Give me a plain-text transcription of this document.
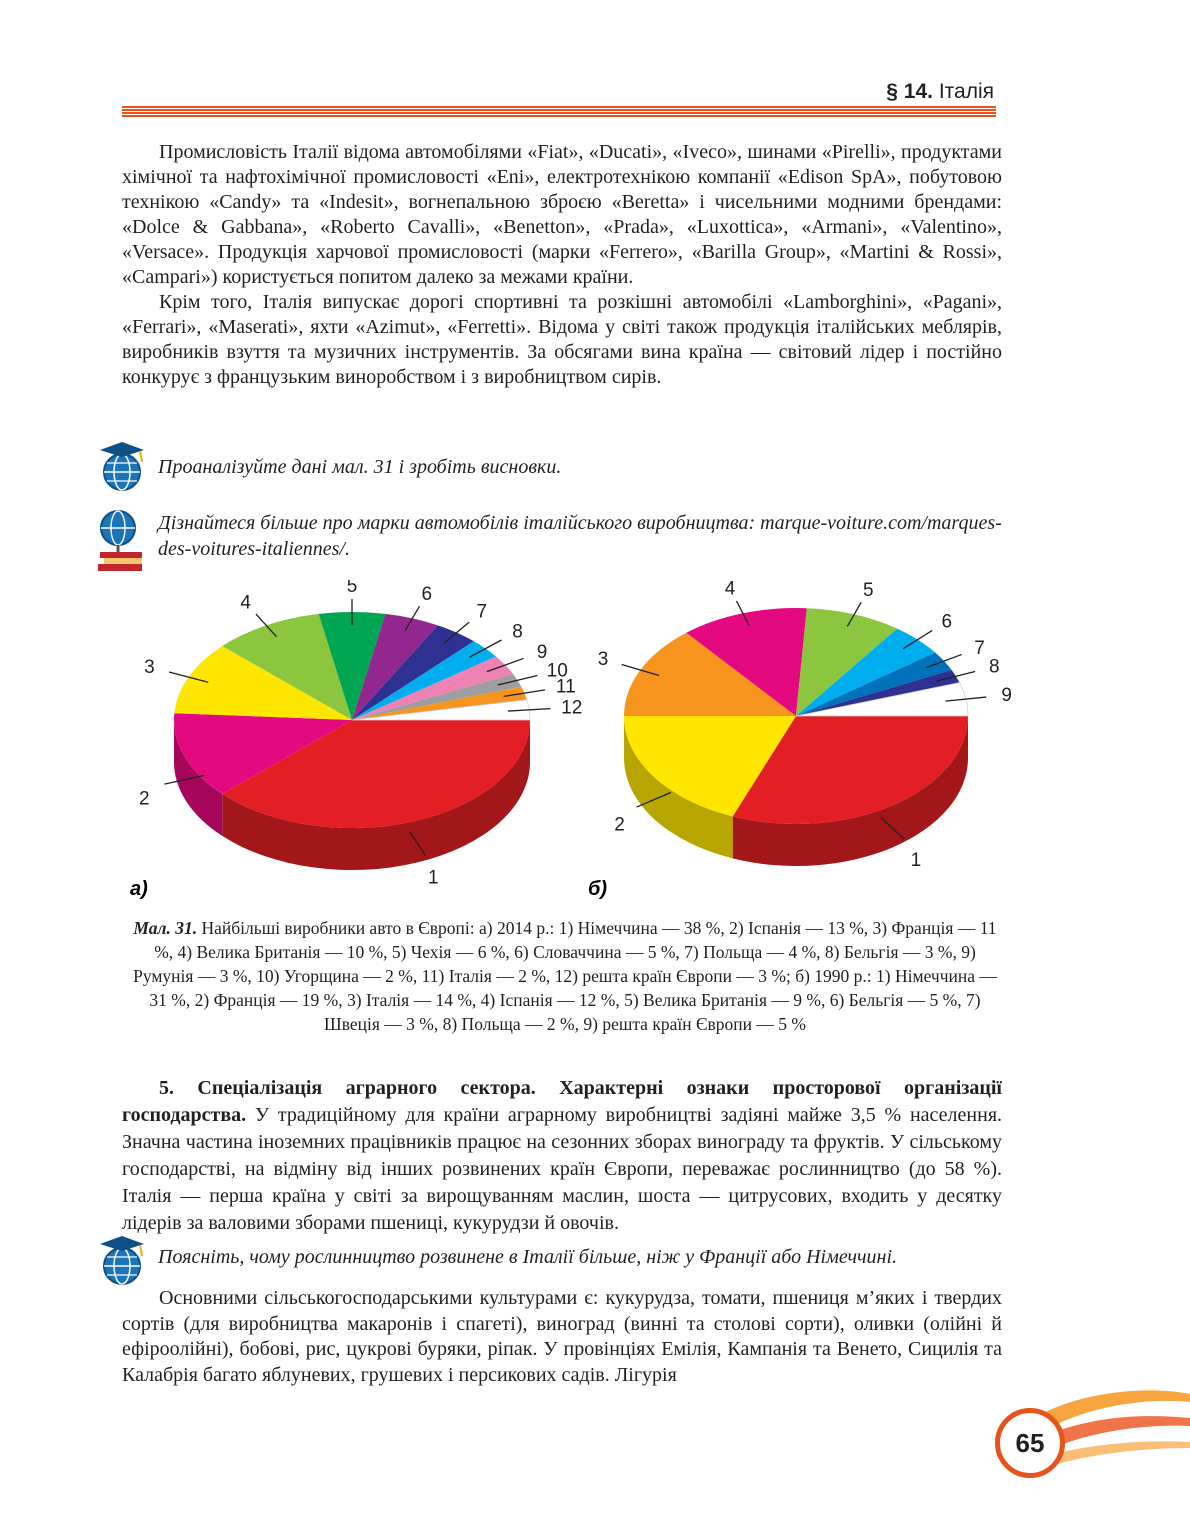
§ 14. Італія

Промисловість Італії відома автомобілями «Fiat», «Ducati», «Iveco», шинами «Pirelli», продуктами хімічної та нафтохімічної промисловості «Eni», електротехнікою компанії «Edison SpA», побутовою технікою «Candy» та «Indesit», вогнепальною зброєю «Beretta» і чисельними модними брендами: «Dolce & Gabbana», «Roberto Cavalli», «Benetton», «Prada», «Luxottica», «Armani», «Valentino», «Versace». Продукція харчової промисловості (марки «Ferrero», «Barilla Group», «Martini & Rossi», «Campari») користується попитом далеко за межами країни.

Крім того, Італія випускає дорогі спортивні та розкішні автомобілі «Lamborghini», «Pagani», «Ferrari», «Maserati», яхти «Azimut», «Ferretti». Відома у світі також продукція італійських меблярів, виробників взуття та музичних інструментів. За обсягами вина країна — світовий лідер і постійно конкурує з французьким виноробством і з виробництвом сирів.

Проаналізуйте дані мал. 31 і зробіть висновки.
Дізнайтеся більше про марки автомобілів італійського виробництва: marque-voiture.com/marques-des-voitures-italiennes/.
1
2
3
4
5	6
7
8
9
10
11
12
1
2
3
4	5
6
7
8
9
а)	б)
Мал. 31. Найбільші виробники авто в Європі: а) 2014 р.: 1) Німеччина — 38 %, 2) Іспанія — 13 %, 3) Франція — 11 %, 4) Велика Британія — 10 %, 5) Чехія — 6 %, 6) Словаччина — 5 %, 7) Польща — 4 %, 8) Бельгія — 3 %, 9) Румунія — 3 %, 10) Угорщина — 2 %, 11) Італія — 2 %, 12) решта країн Європи — 3 %; б) 1990 р.: 1) Німеччина — 31 %, 2) Франція — 19 %, 3) Італія — 14 %, 4) Іспанія — 12 %, 5) Велика Британія — 9 %, 6) Бельгія — 5 %, 7) Швеція — 3 %, 8) Польща — 2 %, 9) решта країн Європи — 5 %

5. Спеціалізація аграрного сектора. Характерні ознаки просторової організації господарства. У традиційному для країни аграрному виробництві задіяні майже 3,5 % населення. Значна частина іноземних працівників працює на сезонних зборах винограду та фруктів. У сільському господарстві, на відміну від інших розвинених країн Європи, переважає рослинництво (до 58 %). Італія — перша країна у світі за вирощуванням маслин, шоста — цитрусових, входить у десятку лідерів за валовими зборами пшениці, кукурудзи й овочів.

Поясніть, чому рослинництво розвинене в Італії більше, ніж у Франції або Німеччині.

Основними сільськогосподарськими культурами є: кукурудза, томати, пшениця м’яких і твердих сортів (для виробництва макаронів і спагеті), виноград (винні та столові сорти), оливки (олійні й ефіроолійні), бобові, рис, цукрові буряки, ріпак. У провінціях Емілія, Кампанія та Венето, Сицилія та Калабрія багато яблуневих, грушевих і персикових садів. Лігурія

65
